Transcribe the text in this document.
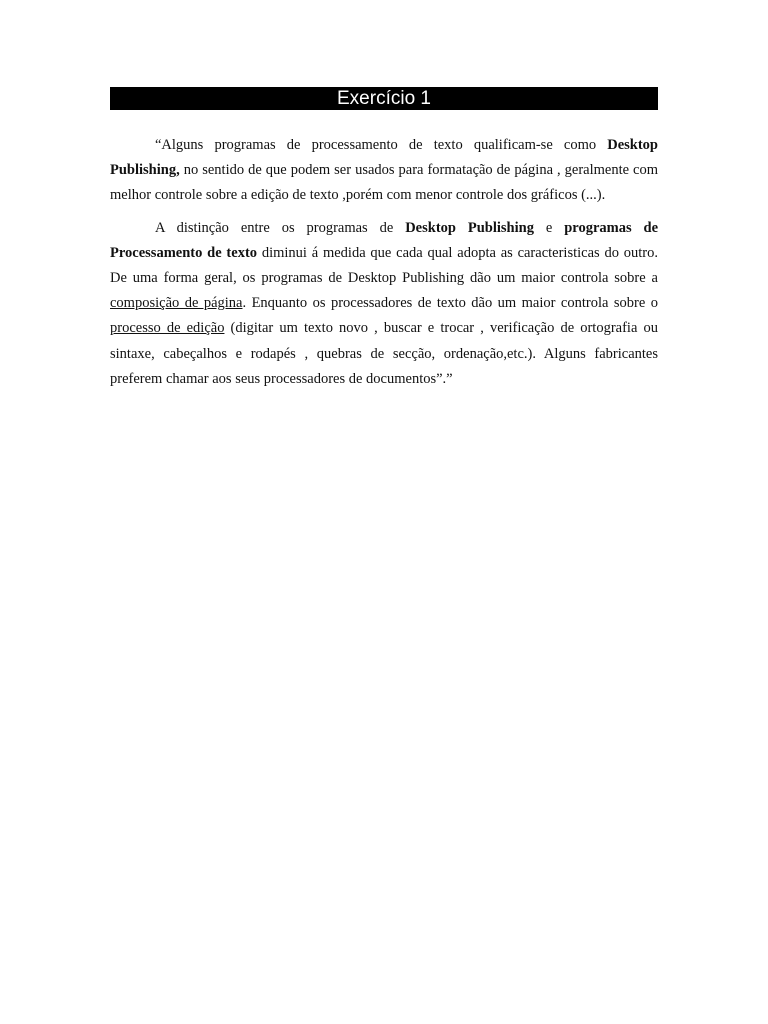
Exercício 1

“Alguns programas de processamento de texto qualificam-se como Desktop Publishing, no sentido de que podem ser usados para formatação de página , geralmente com melhor controle sobre a edição de texto ,porém com menor controle dos gráficos (...).

A distinção entre os programas de Desktop Publishing e programas de Processamento de texto diminui á medida que cada qual adopta as caracteristicas do outro. De uma forma geral, os programas de Desktop Publishing dão um maior controla sobre a composição de página. Enquanto os processadores de texto dão um maior controla sobre o processo de edição (digitar um texto novo , buscar e trocar , verificação de ortografia ou sintaxe, cabeçalhos e rodapés , quebras de secção, ordenação,etc.). Alguns fabricantes preferem chamar aos seus processadores de documentos”.”
